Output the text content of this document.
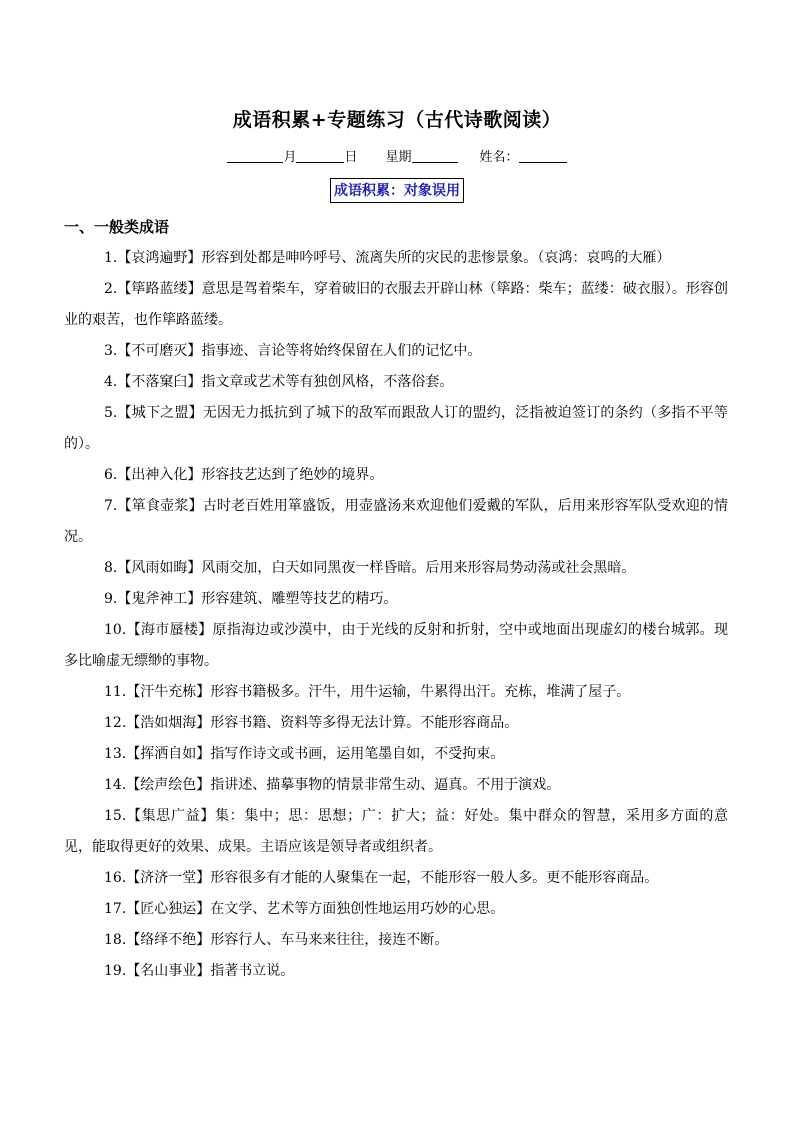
成语积累+专题练习（古代诗歌阅读）
月	日 星期	姓名：
成语积累：对象误用
一、一般类成语

1.【哀鸿遍野】形容到处都是呻吟呼号、流离失所的灾民的悲惨景象。（哀鸿：哀鸣的大雁）

2.【筚路蓝缕】意思是驾着柴车，穿着破旧的衣服去开辟山林（筚路：柴车；蓝缕：破衣服）。形容创业的艰苦，也作筚路蓝缕。

3.【不可磨灭】指事迹、言论等将始终保留在人们的记忆中。

4.【不落窠臼】指文章或艺术等有独创风格，不落俗套。

5.【城下之盟】无因无力抵抗到了城下的敌军而跟敌人订的盟约，泛指被迫签订的条约（多指不平等的）。

6.【出神入化】形容技艺达到了绝妙的境界。

7.【箪食壶浆】古时老百姓用箪盛饭，用壶盛汤来欢迎他们爱戴的军队，后用来形容军队受欢迎的情况。

8.【风雨如晦】风雨交加，白天如同黑夜一样昏暗。后用来形容局势动荡或社会黑暗。

9.【鬼斧神工】形容建筑、雕塑等技艺的精巧。

10.【海市蜃楼】原指海边或沙漠中，由于光线的反射和折射，空中或地面出现虚幻的楼台城郭。现多比喻虚无缥缈的事物。

11.【汗牛充栋】形容书籍极多。汗牛，用牛运输，牛累得出汗。充栋，堆满了屋子。

12.【浩如烟海】形容书籍、资料等多得无法计算。不能形容商品。

13.【挥洒自如】指写作诗文或书画，运用笔墨自如，不受拘束。

14.【绘声绘色】指讲述、描摹事物的情景非常生动、逼真。不用于演戏。

15.【集思广益】集：集中；思：思想；广：扩大；益：好处。集中群众的智慧，采用多方面的意见，能取得更好的效果、成果。主语应该是领导者或组织者。

16.【济济一堂】形容很多有才能的人聚集在一起，不能形容一般人多。更不能形容商品。

17.【匠心独运】在文学、艺术等方面独创性地运用巧妙的心思。

18.【络绎不绝】形容行人、车马来来往往，接连不断。

19.【名山事业】指著书立说。
